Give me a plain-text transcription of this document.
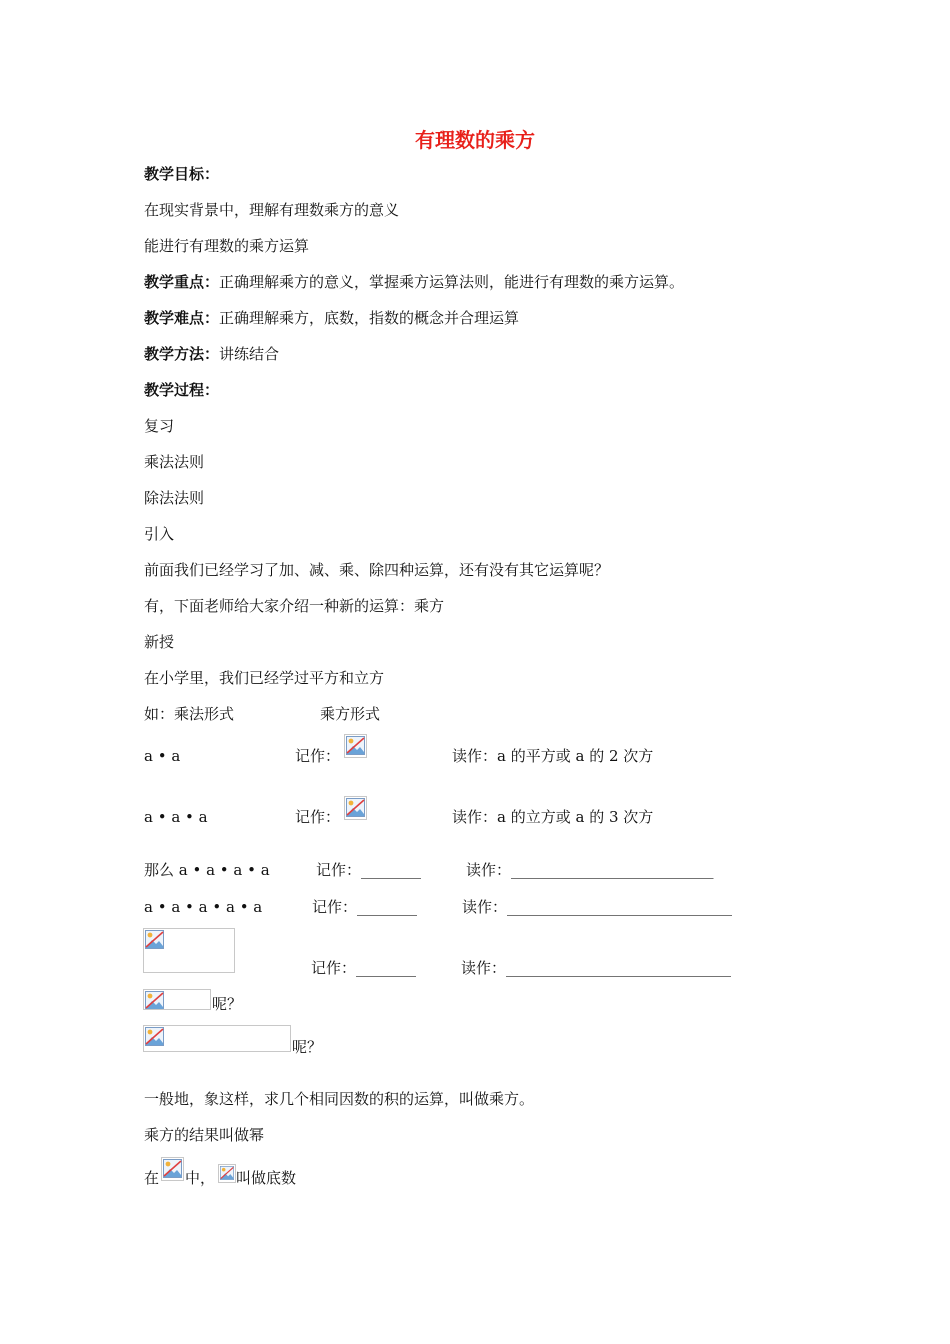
有理数的乘方
教学目标：
在现实背景中，理解有理数乘方的意义
能进行有理数的乘方运算
教学重点：正确理解乘方的意义，掌握乘方运算法则，能进行有理数的乘方运算。
教学难点：正确理解乘方，底数，指数的概念并合理运算
教学方法：讲练结合
教学过程：
复习
乘法法则
除法法则
引入
前面我们已经学习了加、减、乘、除四种运算，还有没有其它运算呢？
有，下面老师给大家介绍一种新的运算：乘方
新授
在小学里，我们已经学过平方和立方
如：乘法形式	乘方形式
a • a	记作：	读作：a 的平方或 a 的 2 次方
a • a • a	记作：	读作：a 的立方或 a 的 3 次方
那么 a • a • a • a	记作：________	读作：___________________________
a • a • a • a • a	记作：________	读作：______________________________
记作：________	读作：______________________________
呢？
呢？
一般地，象这样，求几个相同因数的积的运算，叫做乘方。
乘方的结果叫做幂
在 中， 叫做底数
